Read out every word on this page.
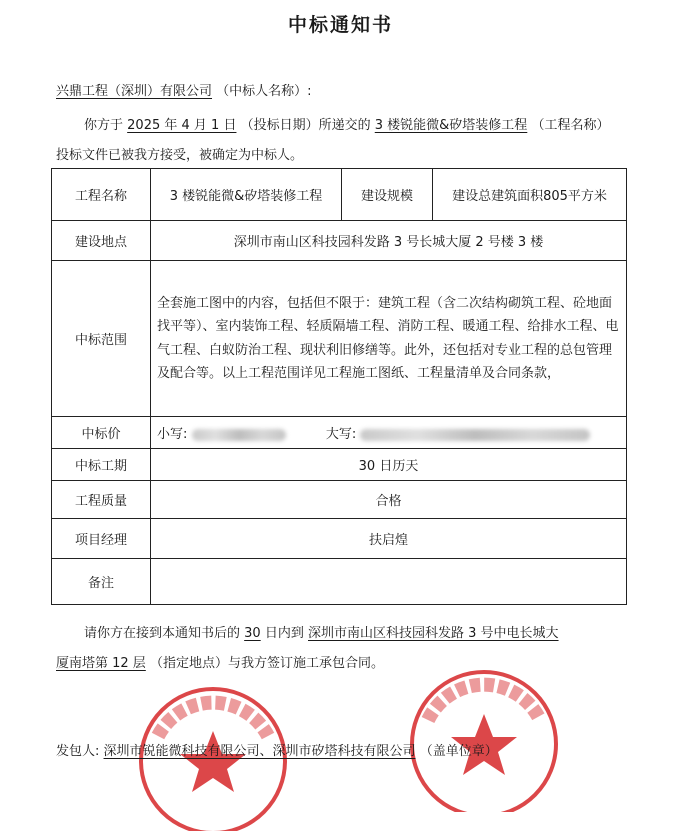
中标通知书
兴鼎工程（深圳）有限公司 （中标人名称）:
你方于 2025 年 4 月 1 日 （投标日期）所递交的 3 楼锐能微&矽塔装修工程 （工程名称）
投标文件已被我方接受，被确定为中标人。
工程名称	3 楼锐能微&矽塔装修工程	建设规模	建设总建筑面积805平方米
建设地点	深圳市南山区科技园科发路 3 号长城大厦 2 号楼 3 楼		
中标范围	全套施工图中的内容，包括但不限于：建筑工程（含二次结构砌筑工程、砼地面找平等）、室内装饰工程、轻质隔墙工程、消防工程、暖通工程、给排水工程、电气工程、白蚁防治工程、现状利旧修缮等。此外，还包括对专业工程的总包管理及配合等。以上工程范围详见工程施工图纸、工程量清单及合同条款，		
中标价	小写: 大写:		
中标工期	30 日历天		
工程质量	合格		
项目经理	扶启煌		
备注			
请你方在接到本通知书后的 30 日内到 深圳市南山区科技园科发路 3 号中电长城大
厦南塔第 12 层 （指定地点）与我方签订施工承包合同。
发包人: 深圳市锐能微科技有限公司、深圳市矽塔科技有限公司 （盖单位章）
